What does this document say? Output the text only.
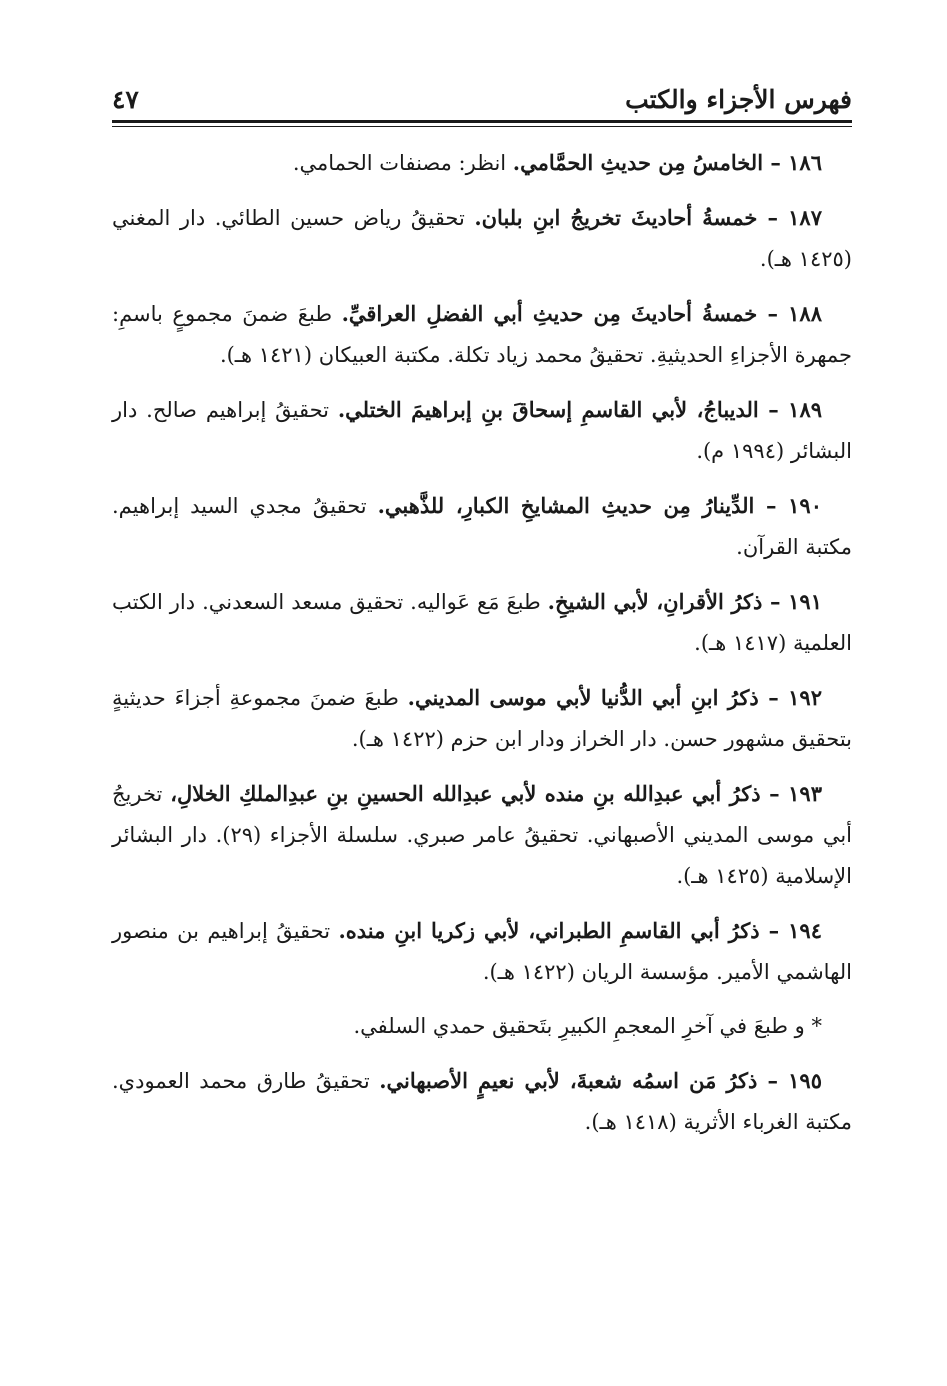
فهرس الأجزاء والكتب
٤٧

١٨٦ – الخامسُ مِن حديثِ الحمَّامي. انظر: مصنفات الحمامي.

١٨٧ – خمسةُ أحاديثَ تخريجُ ابنِ بلبان. تحقيقُ رياض حسين الطائي. دار المغني (١٤٢٥ هـ).

١٨٨ – خمسةُ أحاديثَ مِن حديثِ أبي الفضلِ العراقيِّ. طبعَ ضمنَ مجموعٍ باسمِ: جمهرة الأجزاءِ الحديثيةِ. تحقيقُ محمد زياد تكلة. مكتبة العبيكان (١٤٢١ هـ).

١٨٩ – الديباجُ، لأبي القاسمِ إسحاقَ بنِ إبراهيمَ الختلي. تحقيقُ إبراهيم صالح. دار البشائر (١٩٩٤ م).

١٩٠ – الدِّينارُ مِن حديثِ المشايخِ الكبارِ، للذَّهبي. تحقيقُ مجدي السيد إبراهيم. مكتبة القرآن.

١٩١ – ذكرُ الأقرانِ، لأبي الشيخِ. طبعَ مَع عَواليه. تحقيق مسعد السعدني. دار الكتب العلمية (١٤١٧ هـ).

١٩٢ – ذكرُ ابنِ أبي الدُّنيا لأبي موسى المديني. طبعَ ضمنَ مجموعةِ أجزاءَ حديثيةٍ بتحقيق مشهور حسن. دار الخراز ودار ابن حزم (١٤٢٢ هـ).

١٩٣ – ذكرُ أبي عبدِالله بنِ منده لأبي عبدِالله الحسينِ بنِ عبدِالملكِ الخلالِ، تخريجُ أبي موسى المديني الأصبهاني. تحقيقُ عامر صبري. سلسلة الأجزاء (٢٩). دار البشائر الإسلامية (١٤٢٥ هـ).

١٩٤ – ذكرُ أبي القاسمِ الطبراني، لأبي زكريا ابنِ منده. تحقيقُ إبراهيم بن منصور الهاشمي الأمير. مؤسسة الريان (١٤٢٢ هـ).

* و طبعَ في آخرِ المعجمِ الكبيرِ بتَحقيق حمدي السلفي.

١٩٥ – ذكرُ مَن اسمُه شعبةَ، لأبي نعيمٍ الأصبهاني. تحقيقُ طارق محمد العمودي. مكتبة الغرباء الأثرية (١٤١٨ هـ).
